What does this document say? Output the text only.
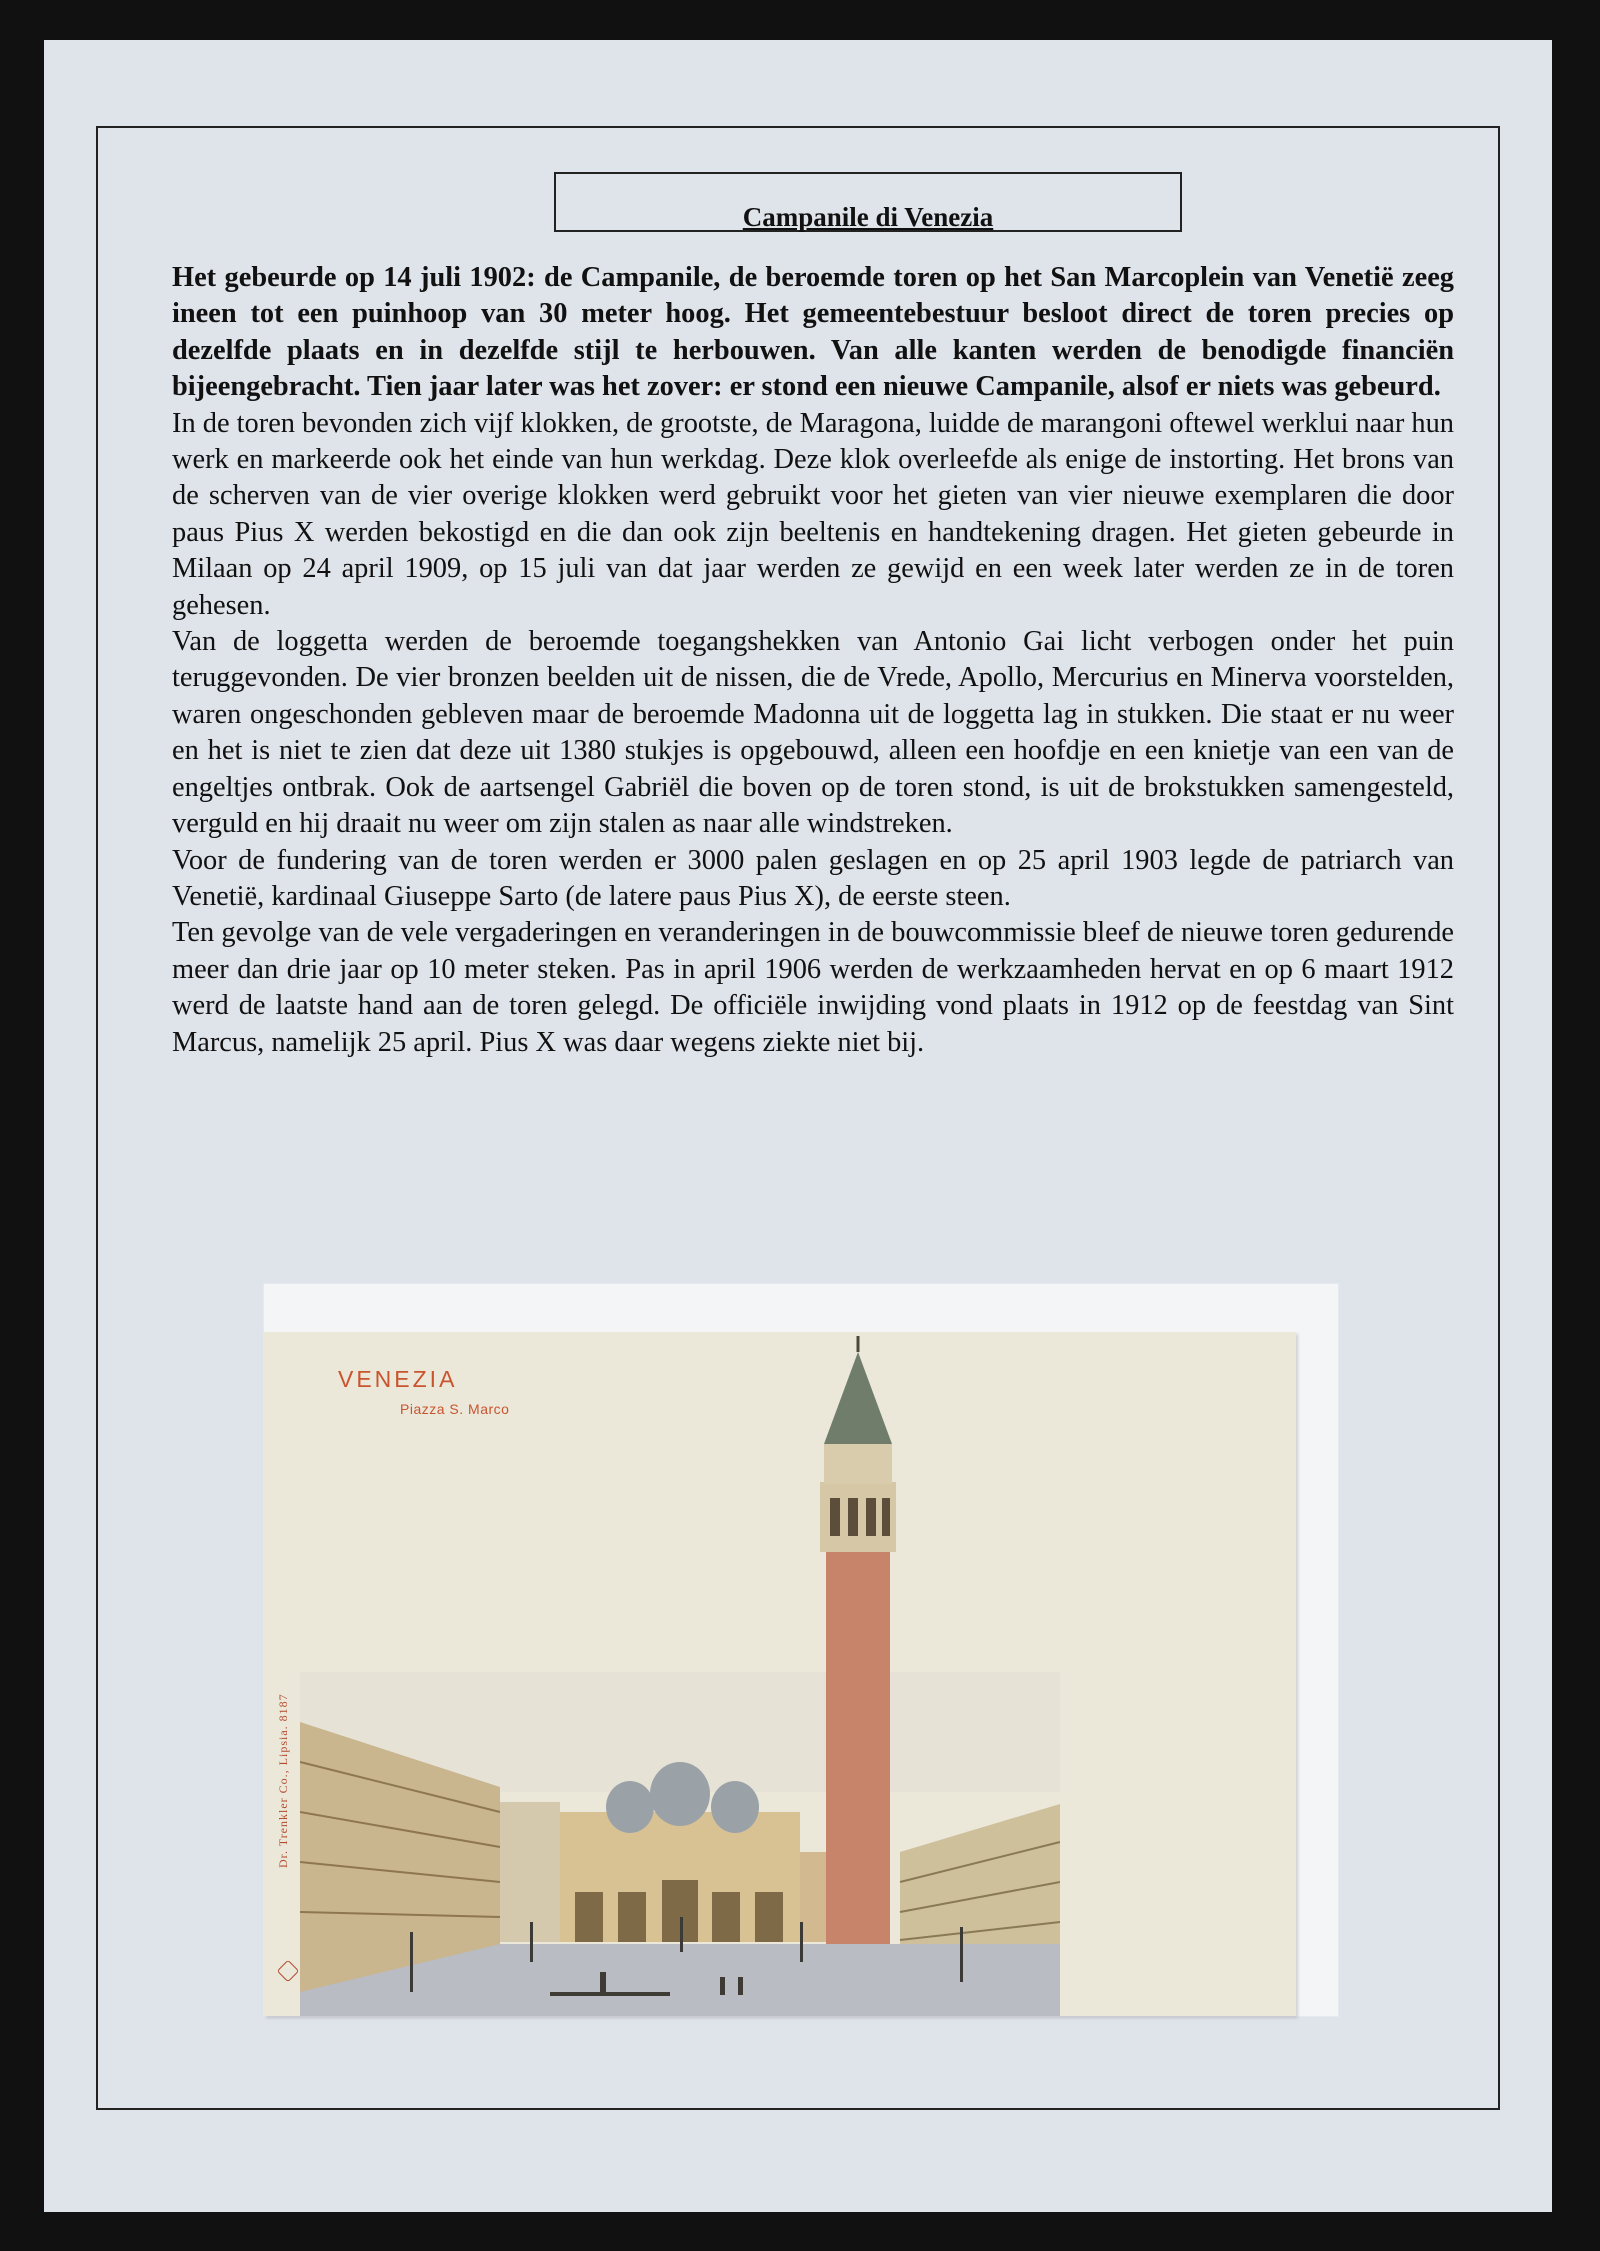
Campanile di Venezia

Het gebeurde op 14 juli 1902: de Campanile, de beroemde toren op het San Marcoplein van Venetië zeeg ineen tot een puinhoop van 30 meter hoog. Het gemeentebestuur besloot direct de toren precies op dezelfde plaats en in dezelfde stijl te herbouwen. Van alle kanten werden de benodigde financiën bijeengebracht. Tien jaar later was het zover: er stond een nieuwe Campanile, alsof er niets was gebeurd.

In de toren bevonden zich vijf klokken, de grootste, de Maragona, luidde de marangoni oftewel werklui naar hun werk en markeerde ook het einde van hun werkdag. Deze klok overleefde als enige de instorting. Het brons van de scherven van de vier overige klokken werd gebruikt voor het gieten van vier nieuwe exemplaren die door paus Pius X werden bekostigd en die dan ook zijn beeltenis en handtekening dragen. Het gieten gebeurde in Milaan op 24 april 1909, op 15 juli van dat jaar werden ze gewijd en een week later werden ze in de toren gehesen.

Van de loggetta werden de beroemde toegangshekken van Antonio Gai licht verbogen onder het puin teruggevonden. De vier bronzen beelden uit de nissen, die de Vrede, Apollo, Mercurius en Minerva voorstelden, waren ongeschonden gebleven maar de beroemde Madonna uit de loggetta lag in stukken. Die staat er nu weer en het is niet te zien dat deze uit 1380 stukjes is opgebouwd, alleen een hoofdje en een knietje van een van de engeltjes ontbrak. Ook de aartsengel Gabriël die boven op de toren stond, is uit de brokstukken samengesteld, verguld en hij draait nu weer om zijn stalen as naar alle windstreken.

Voor de fundering van de toren werden er 3000 palen geslagen en op 25 april 1903 legde de patriarch van Venetië, kardinaal Giuseppe Sarto (de latere paus Pius X), de eerste steen.

Ten gevolge van de vele vergaderingen en veranderingen in de bouwcommissie bleef de nieuwe toren gedurende meer dan drie jaar op 10 meter steken. Pas in april 1906 werden de werkzaamheden hervat en op 6 maart 1912 werd de laatste hand aan de toren gelegd. De officiële inwijding vond plaats in 1912 op de feestdag van Sint Marcus, namelijk 25 april. Pius X was daar wegens ziekte niet bij.

VENEZIA
Piazza S. Marco
Dr. Trenkler Co., Lipsia. 8187
